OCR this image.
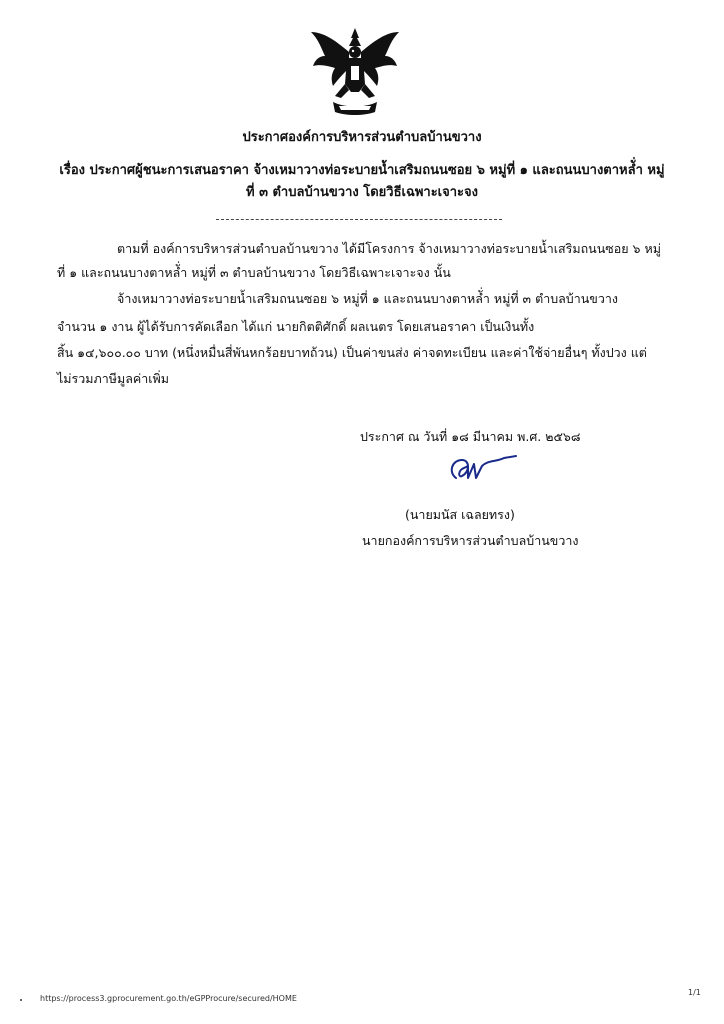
ประกาศองค์การบริหารส่วนตำบลบ้านขวาง
เรื่อง ประกาศผู้ชนะการเสนอราคา จ้างเหมาวางท่อระบายน้ำเสริมถนนซอย ๖ หมู่ที่ ๑ และถนนบางตาหลั่ำ หมู่
ที่ ๓ ตำบลบ้านขวาง โดยวิธีเฉพาะเจาะจง
ตามที่ องค์การบริหารส่วนตำบลบ้านขวาง ได้มีโครงการ จ้างเหมาวางท่อระบายน้ำเสริมถนนซอย ๖ หมู่
ที่ ๑ และถนนบางตาหลั่ำ หมู่ที่ ๓ ตำบลบ้านขวาง โดยวิธีเฉพาะเจาะจง นั้น
จ้างเหมาวางท่อระบายน้ำเสริมถนนซอย ๖ หมู่ที่ ๑ และถนนบางตาหลั่ำ หมู่ที่ ๓ ตำบลบ้านขวาง
จำนวน ๑ งาน ผู้ได้รับการคัดเลือก ได้แก่ นายกิตติศักดิ์ ผลเนตร โดยเสนอราคา เป็นเงินทั้ง
สิ้น ๑๔,๖๐๐.๐๐ บาท (หนึ่งหมื่นสี่พันหกร้อยบาทถ้วน) เป็นค่าขนส่ง ค่าจดทะเบียน และค่าใช้จ่ายอื่นๆ ทั้งปวง แต่
ไม่รวมภาษีมูลค่าเพิ่ม
ประกาศ ณ วันที่ ๑๘ มีนาคม พ.ศ. ๒๕๖๘
(นายมนัส เฉลยทรง)
นายกองค์การบริหารส่วนตำบลบ้านขวาง
https://process3.gprocurement.go.th/eGPProcure/secured/HOME
1/1
